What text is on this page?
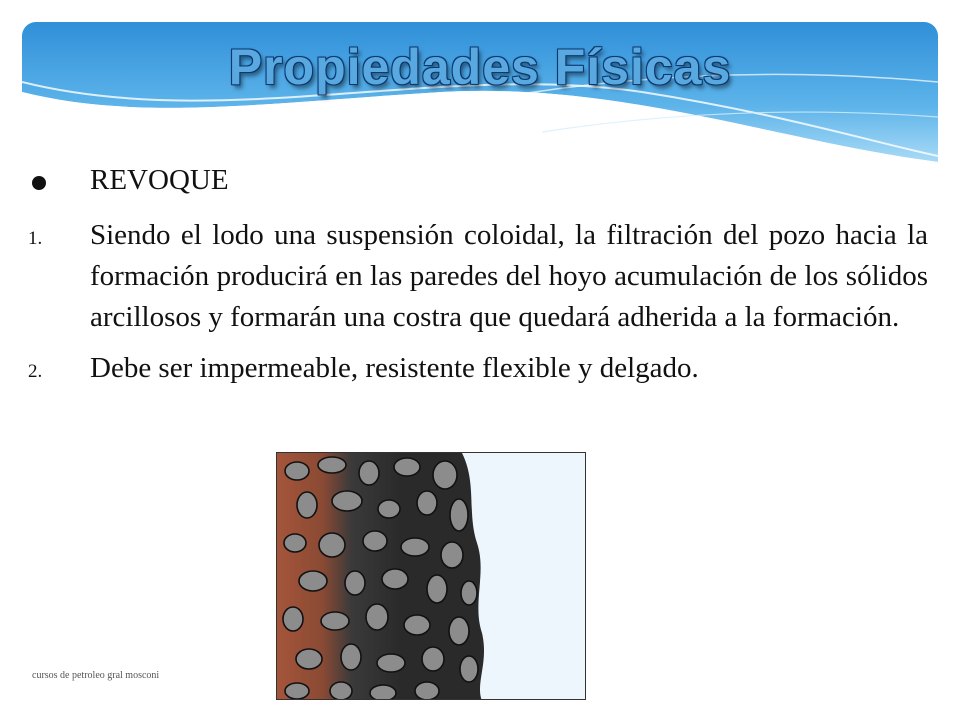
Propiedades Físicas
REVOQUE
1.	Siendo el lodo una suspensión coloidal, la filtración del pozo hacia la formación producirá en las paredes del hoyo acumulación de los sólidos arcillosos y formarán una costra que quedará adherida a la formación.
2.	Debe ser impermeable, resistente flexible y delgado.
cursos de petroleo gral mosconi
